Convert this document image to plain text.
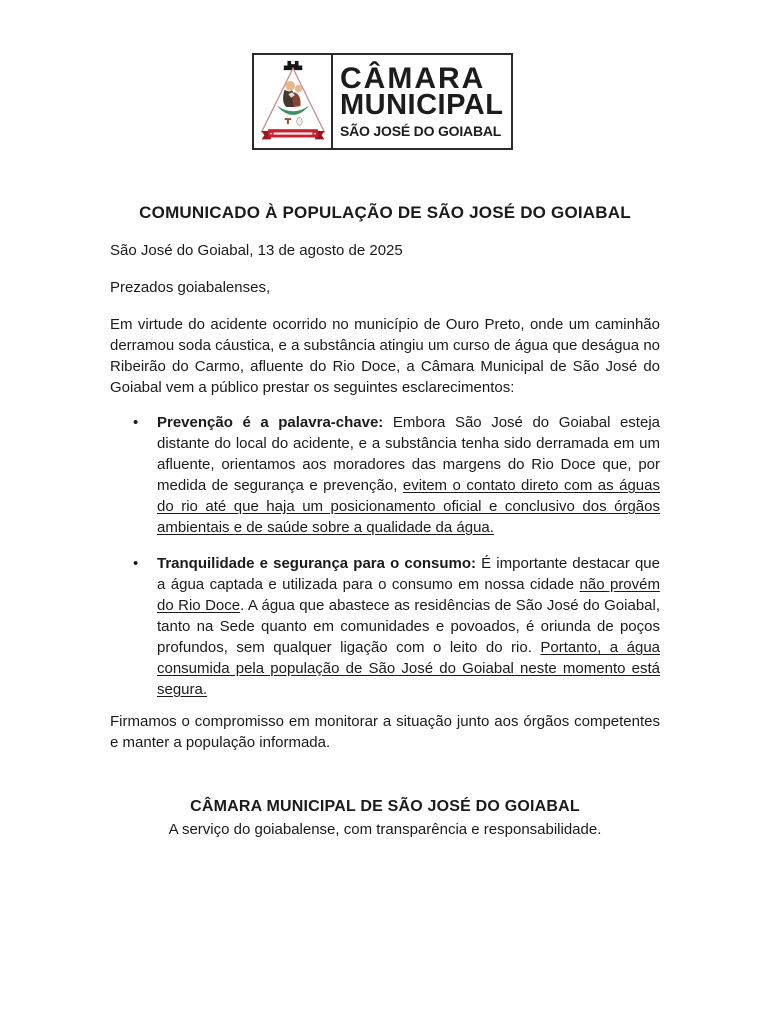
CÂMARA
MUNICIPAL
SÃO JOSÉ DO GOIABAL
COMUNICADO À POPULAÇÃO DE SÃO JOSÉ DO GOIABAL

São José do Goiabal, 13 de agosto de 2025

Prezados goiabalenses,

Em virtude do acidente ocorrido no município de Ouro Preto, onde um caminhão derramou soda cáustica, e a substância atingiu um curso de água que deságua no Ribeirão do Carmo, afluente do Rio Doce, a Câmara Municipal de São José do Goiabal vem a público prestar os seguintes esclarecimentos:

• Prevenção é a palavra-chave: Embora São José do Goiabal esteja distante do local do acidente, e a substância tenha sido derramada em um afluente, orientamos aos moradores das margens do Rio Doce que, por medida de segurança e prevenção, evitem o contato direto com as águas do rio até que haja um posicionamento oficial e conclusivo dos órgãos ambientais e de saúde sobre a qualidade da água.
• Tranquilidade e segurança para o consumo: É importante destacar que a água captada e utilizada para o consumo em nossa cidade não provém do Rio Doce. A água que abastece as residências de São José do Goiabal, tanto na Sede quanto em comunidades e povoados, é oriunda de poços profundos, sem qualquer ligação com o leito do rio. Portanto, a água consumida pela população de São José do Goiabal neste momento está segura.

Firmamos o compromisso em monitorar a situação junto aos órgãos competentes e manter a população informada.

CÂMARA MUNICIPAL DE SÃO JOSÉ DO GOIABAL

A serviço do goiabalense, com transparência e responsabilidade.
